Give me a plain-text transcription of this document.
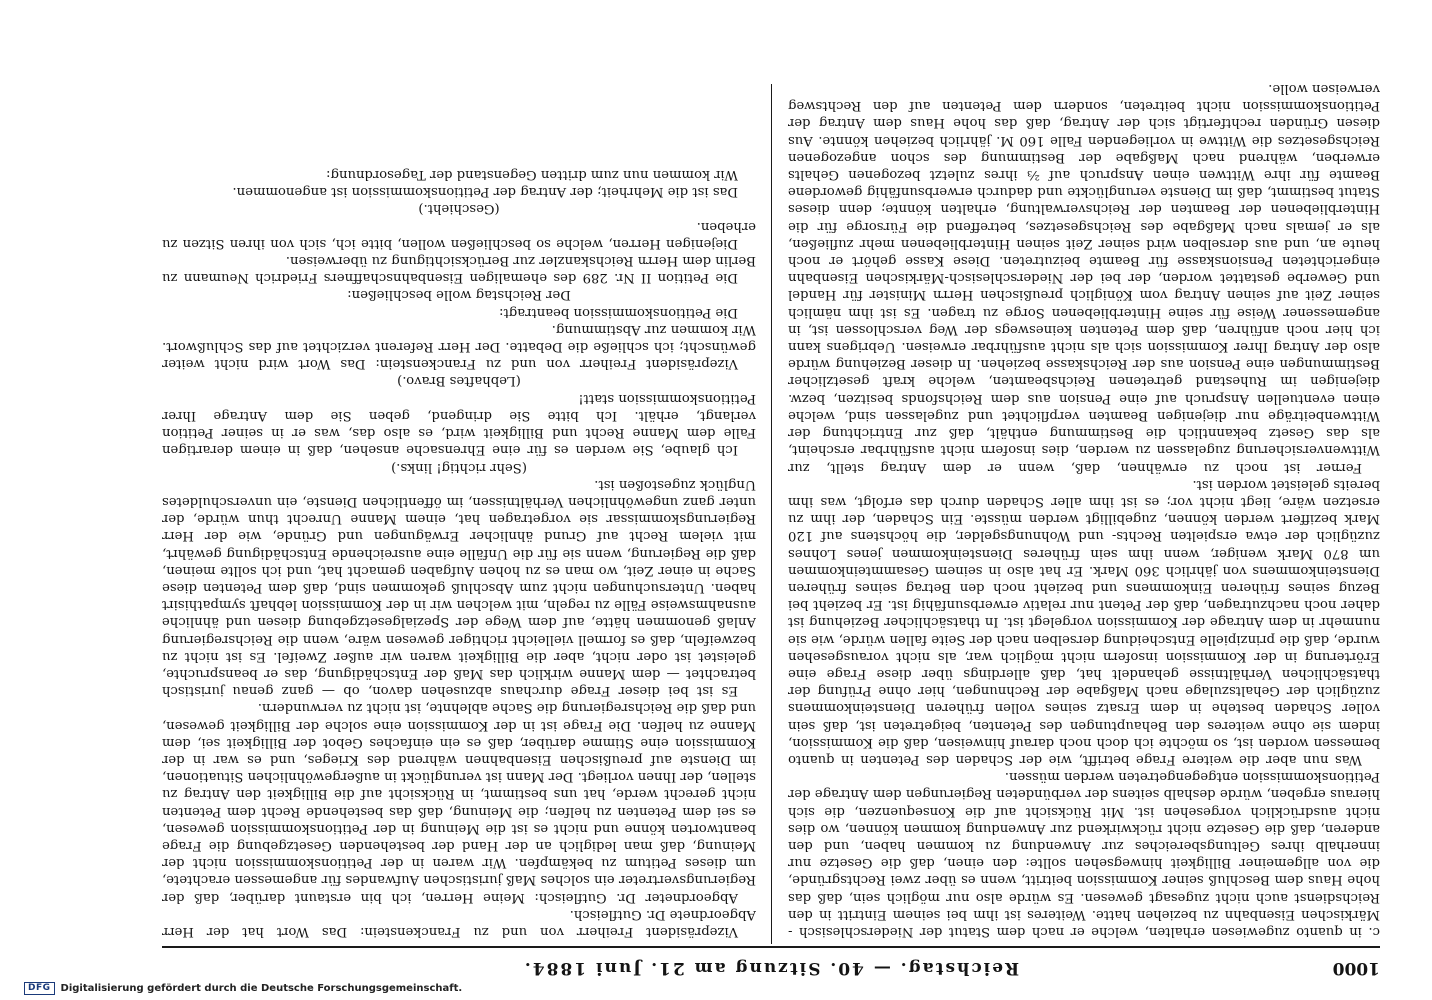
1000
Reichstag. — 40. Sitzung am 21. Juni 1884.

c. in quanto zugewiesen erhalten, welche er nach dem Statut der Niederschlesisch - Märkischen Eisenbahn zu beziehen hatte. Weiteres ist ihm bei seinem Eintritt in den Reichsdienst auch nicht zugesagt gewesen. Es würde also nur möglich sein, daß das hohe Haus dem Beschluß seiner Kommission beitritt, wenn es über zwei Rechtsgründe, die von allgemeiner Billigkeit hinwegsehen sollte: den einen, daß die Gesetze nur innerhalb ihres Geltungsbereiches zur Anwendung zu kommen haben, und den anderen, daß die Gesetze nicht rückwirkend zur Anwendung kommen können, wo dies nicht ausdrücklich vorgesehen ist. Mit Rücksicht auf die Konsequenzen, die sich hieraus ergeben, würde deshalb seitens der verbündeten Regierungen dem Antrage der Petitionskommission entgegengetreten werden müssen.

Was nun aber die weitere Frage betrifft, wie der Schaden des Petenten in quanto bemessen worden ist, so möchte ich doch noch darauf hinweisen, daß die Kommission, indem sie ohne weiteres den Behauptungen des Petenten, beigetreten ist, daß sein voller Schaden bestehe in dem Ersatz seines vollen früheren Diensteinkommens zuzüglich der Gehaltszulage nach Maßgabe der Rechnungen, hier ohne Prüfung der thatsächlichen Verhältnisse gehandelt hat, daß allerdings über diese Frage eine Erörterung in der Kommission insofern nicht möglich war, als nicht vorausgesehen wurde, daß die prinzipielle Entscheidung derselben nach der Seite fallen würde, wie sie nunmehr in dem Antrage der Kommission vorgelegt ist. In thatsächlicher Beziehung ist daher noch nachzutragen, daß der Petent nur relativ erwerbsunfähig ist. Er bezieht bei Bezug seines früheren Einkommens und bezieht noch den Betrag seines früheren Diensteinkommens von jährlich 360 Mark. Er hat also in seinem Gesammteinkommen um 870 Mark weniger, wenn ihm sein früheres Diensteinkommen jenes Lohnes zuzüglich der etwa erspielten Rechts- und Wohnungsgelder, die höchstens auf 120 Mark beziffert werden können, zugebilligt werden müsste. Ein Schaden, der ihm zu ersetzen wäre, liegt nicht vor; es ist ihm aller Schaden durch das erfolgt, was ihm bereits geleistet worden ist.

Ferner ist noch zu erwähnen, daß, wenn er dem Antrag stellt, zur Wittwenversicherung zugelassen zu werden, dies insofern nicht ausführbar erscheint, als das Gesetz bekanntlich die Bestimmung enthält, daß zur Entrichtung der Wittwenbeiträge nur diejenigen Beamten verpflichtet und zugelassen sind, welche einen eventuellen Anspruch auf eine Pension aus dem Reichsfonds besitzen, bezw. diejenigen im Ruhestand getretenen Reichsbeamten, welche kraft gesetzlicher Bestimmungen eine Pension aus der Reichskasse beziehen. In dieser Beziehung würde also der Antrag Ihrer Kommission sich als nicht ausführbar erweisen. Uebrigens kann ich hier noch anführen, daß dem Petenten keineswegs der Weg verschlossen ist, in angemessener Weise für seine Hinterbliebenen Sorge zu tragen. Es ist ihm nämlich seiner Zeit auf seinen Antrag vom Königlich preußischen Herrn Minister für Handel und Gewerbe gestattet worden, der bei der Niederschlesisch-Märkischen Eisenbahn eingerichteten Pensionskasse für Beamte beizutreten. Diese Kasse gehört er noch heute an, und aus derselben wird seiner Zeit seinen Hinterbliebenen mehr zufließen, als er jemals nach Maßgabe des Reichsgesetzes, betreffend die Fürsorge für die Hinterbliebenen der Beamten der Reichsverwaltung, erhalten könnte; denn dieses Statut bestimmt, daß im Dienste verunglückte und dadurch erwerbsunfähig gewordene Beamte für ihre Wittwen einen Anspruch auf ⅔ ihres zuletzt bezogenen Gehalts erwerben, während nach Maßgabe der Bestimmung des schon angezogenen Reichsgesetzes die Wittwe in vorliegenden Falle 160 M. jährlich beziehen könnte. Aus diesen Gründen rechtfertigt sich der Antrag, daß das hohe Haus dem Antrag der Petitionskommission nicht beitreten, sondern dem Petenten auf den Rechtsweg verweisen wolle.

Vizepräsident Freiherr von und zu Franckenstein: Das Wort hat der Herr Abgeordnete Dr. Gutfleisch.

Abgeordneter Dr. Gutfleisch: Meine Herren, ich bin erstaunt darüber, daß der Regierungsvertreter ein solches Maß juristischen Aufwandes für angemessen erachtete, um dieses Petitum zu bekämpfen. Wir waren in der Petitionskommission nicht der Meinung, daß man lediglich an der Hand der bestehenden Gesetzgebung die Frage beantworten könne und nicht es ist die Meinung in der Petitionskommission gewesen, es sei dem Petenten zu helfen; die Meinung, daß das bestehende Recht dem Petenten nicht gerecht werde, hat uns bestimmt, in Rücksicht auf die Billigkeit den Antrag zu stellen, der Ihnen vorliegt. Der Mann ist verunglückt in außergewöhnlichen Situationen, im Dienste auf preußischen Eisenbahnen während des Krieges, und es war in der Kommission eine Stimme darüber, daß es ein einfaches Gebot der Billigkeit sei, dem Manne zu helfen. Die Frage ist in der Kommission eine solche der Billigkeit gewesen, und daß die Reichsregierung die Sache ablehnte, ist nicht zu verwundern.

Es ist bei dieser Frage durchaus abzusehen davon, ob — ganz genau juristisch betrachtet — dem Manne wirklich das Maß der Entschädigung, das er beanspruchte, geleistet ist oder nicht, aber die Billigkeit waren wir außer Zweifel. Es ist nicht zu bezweifeln, daß es formell vielleicht richtiger gewesen wäre, wenn die Reichsregierung Anlaß genommen hätte, auf dem Wege der Spezialgesetzgebung diesen und ähnliche ausnahmsweise Fälle zu regeln, mit welchen wir in der Kommission lebhaft sympathisirt haben. Untersuchungen nicht zum Abschluß gekommen sind, daß dem Petenten diese Sache in einer Zeit, wo man es zu hohen Aufgaben gemacht hat, und ich sollte meinen, daß die Regierung, wenn sie für die Unfälle eine ausreichende Entschädigung gewährt, mit vielem Recht auf Grund ähnlicher Erwägungen und Gründe, wie der Herr Regierungskommissar sie vorgetragen hat, einem Manne Unrecht thun würde, der unter ganz ungewöhnlichen Verhältnissen, im öffentlichen Dienste, ein unverschuldetes Unglück zugestoßen ist.

(Sehr richtig! links.)

Ich glaube, Sie werden es für eine Ehrensache ansehen, daß in einem derartigen Falle dem Manne Recht und Billigkeit wird, es also das, was er in seiner Petition verlangt, erhält. Ich bitte Sie dringend, geben Sie dem Antrage Ihrer Petitionskommission statt!

(Lebhaftes Bravo.)

Vizepräsident Freiherr von und zu Franckenstein: Das Wort wird nicht weiter gewünscht; ich schließe die Debatte. Der Herr Referent verzichtet auf das Schlußwort. Wir kommen zur Abstimmung.

Die Petitionskommission beantragt:

Der Reichstag wolle beschließen:

Die Petition II Nr. 289 des ehemaligen Eisenbahnschaffners Friedrich Neumann zu Berlin dem Herrn Reichskanzler zur Berücksichtigung zu überweisen.

Diejenigen Herren, welche so beschließen wollen, bitte ich, sich von ihren Sitzen zu erheben.

(Geschieht.)

Das ist die Mehrheit; der Antrag der Petitionskommission ist angenommen.

Wir kommen nun zum dritten Gegenstand der Tagesordnung:

DFG	Digitalisierung gefördert durch die Deutsche Forschungsgemeinschaft.
